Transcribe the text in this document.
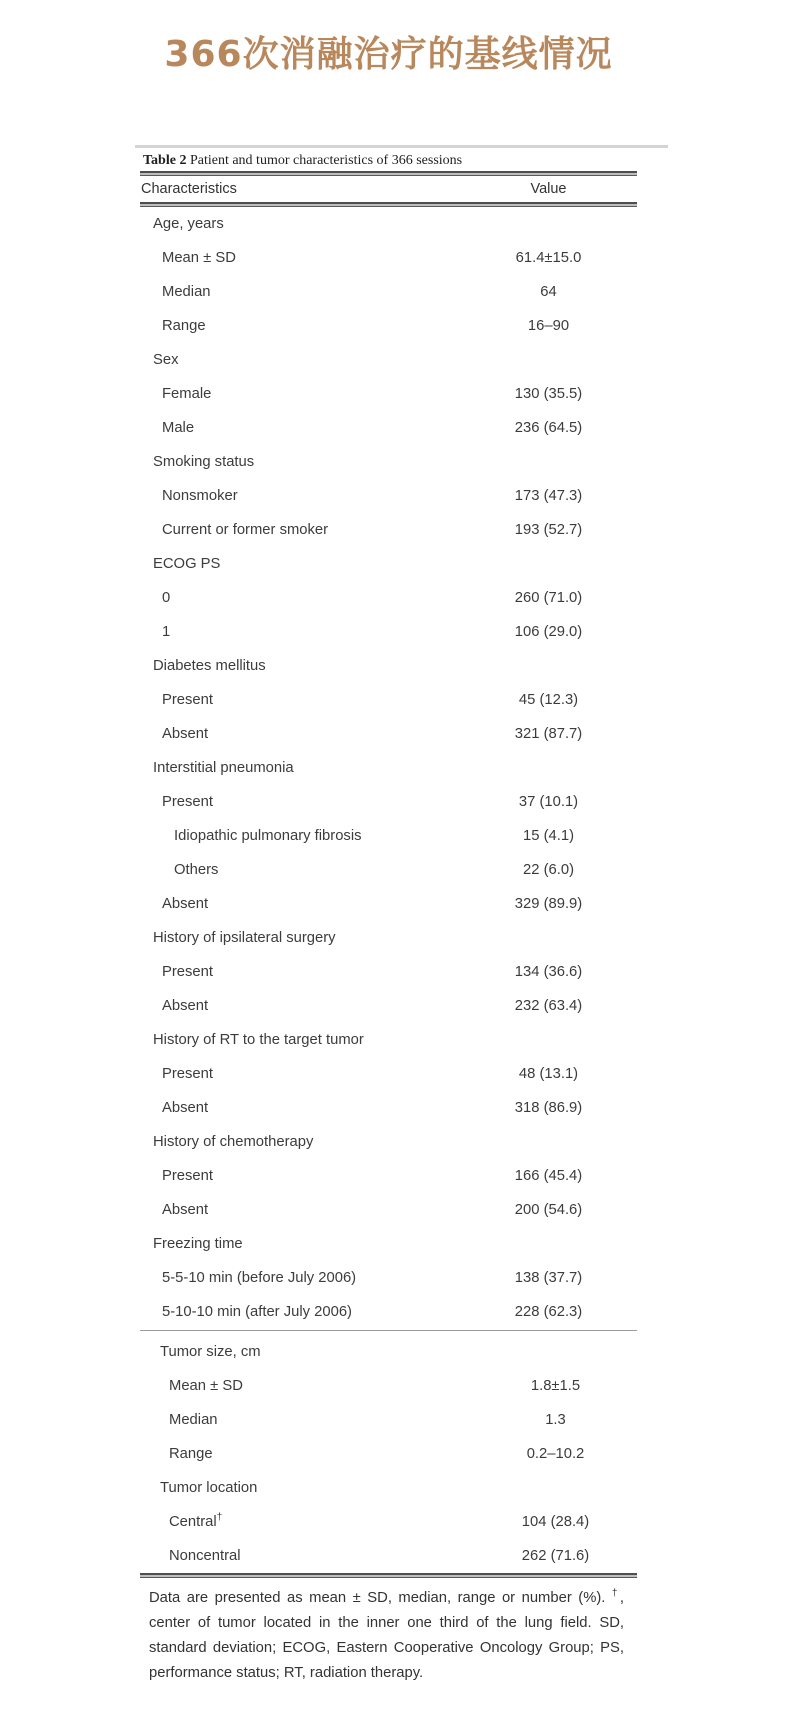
366次消融治疗的基线情况
Table 2 Patient and tumor characteristics of 366 sessions
Characteristics	Value
Age, years
Mean ± SD	61.4±15.0
Median	64
Range	16–90
Sex
Female	130 (35.5)
Male	236 (64.5)
Smoking status
Nonsmoker	173 (47.3)
Current or former smoker	193 (52.7)
ECOG PS
0	260 (71.0)
1	106 (29.0)
Diabetes mellitus
Present	45 (12.3)
Absent	321 (87.7)
Interstitial pneumonia
Present	37 (10.1)
Idiopathic pulmonary fibrosis	15 (4.1)
Others	22 (6.0)
Absent	329 (89.9)
History of ipsilateral surgery
Present	134 (36.6)
Absent	232 (63.4)
History of RT to the target tumor
Present	48 (13.1)
Absent	318 (86.9)
History of chemotherapy
Present	166 (45.4)
Absent	200 (54.6)
Freezing time
5-5-10 min (before July 2006)	138 (37.7)
5-10-10 min (after July 2006)	228 (62.3)
Tumor size, cm
Mean ± SD	1.8±1.5
Median	1.3
Range	0.2–10.2
Tumor location
Central†	104 (28.4)
Noncentral	262 (71.6)
Data are presented as mean ± SD, median, range or number (%). †, center of tumor located in the inner one third of the lung field. SD, standard deviation; ECOG, Eastern Cooperative Oncology Group; PS, performance status; RT, radiation therapy.
